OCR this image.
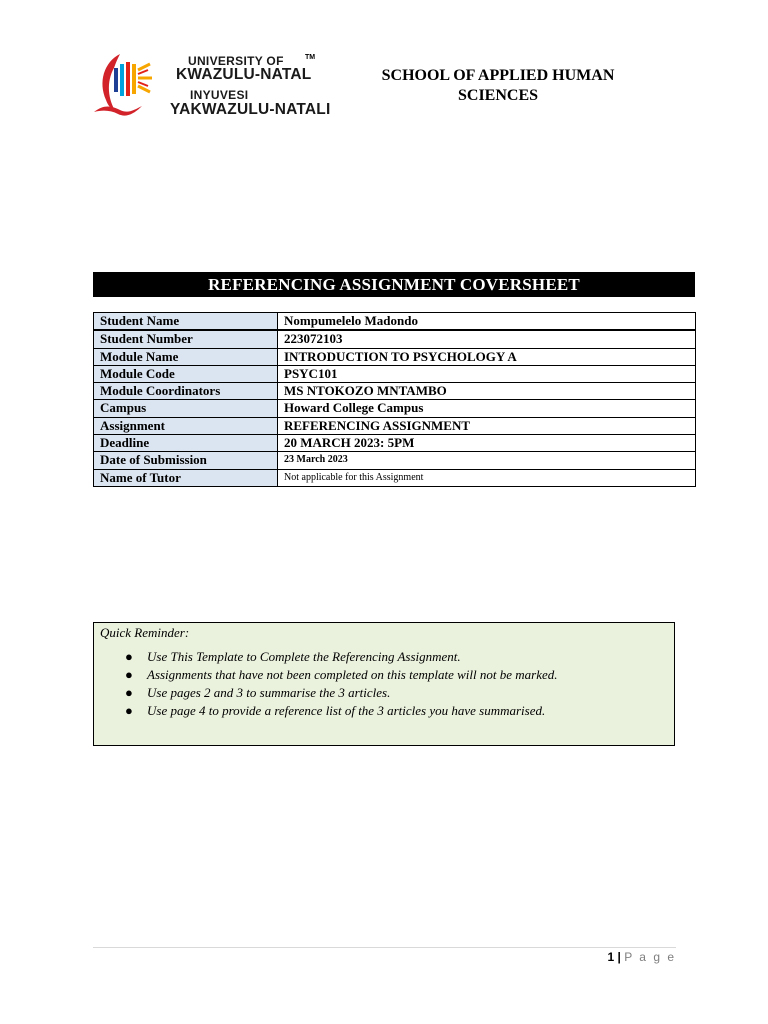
UNIVERSITY OF
KWAZULU-NATAL
INYUVESI
YAKWAZULU-NATALI
TM
SCHOOL OF APPLIED HUMAN
SCIENCES
REFERENCING ASSIGNMENT COVERSHEET
Student Name	Nompumelelo Madondo
Student Number	223072103
Module Name	INTRODUCTION TO PSYCHOLOGY A
Module Code	PSYC101
Module Coordinators	MS NTOKOZO MNTAMBO
Campus	Howard College Campus
Assignment	REFERENCING ASSIGNMENT
Deadline	20 MARCH 2023: 5PM
Date of Submission	23 March 2023
Name of Tutor	Not applicable for this Assignment
Quick Reminder:
● Use This Template to Complete the Referencing Assignment.
● Assignments that have not been completed on this template will not be marked.
● Use pages 2 and 3 to summarise the 3 articles.
● Use page 4 to provide a reference list of the 3 articles you have summarised.
1 | P a g e
